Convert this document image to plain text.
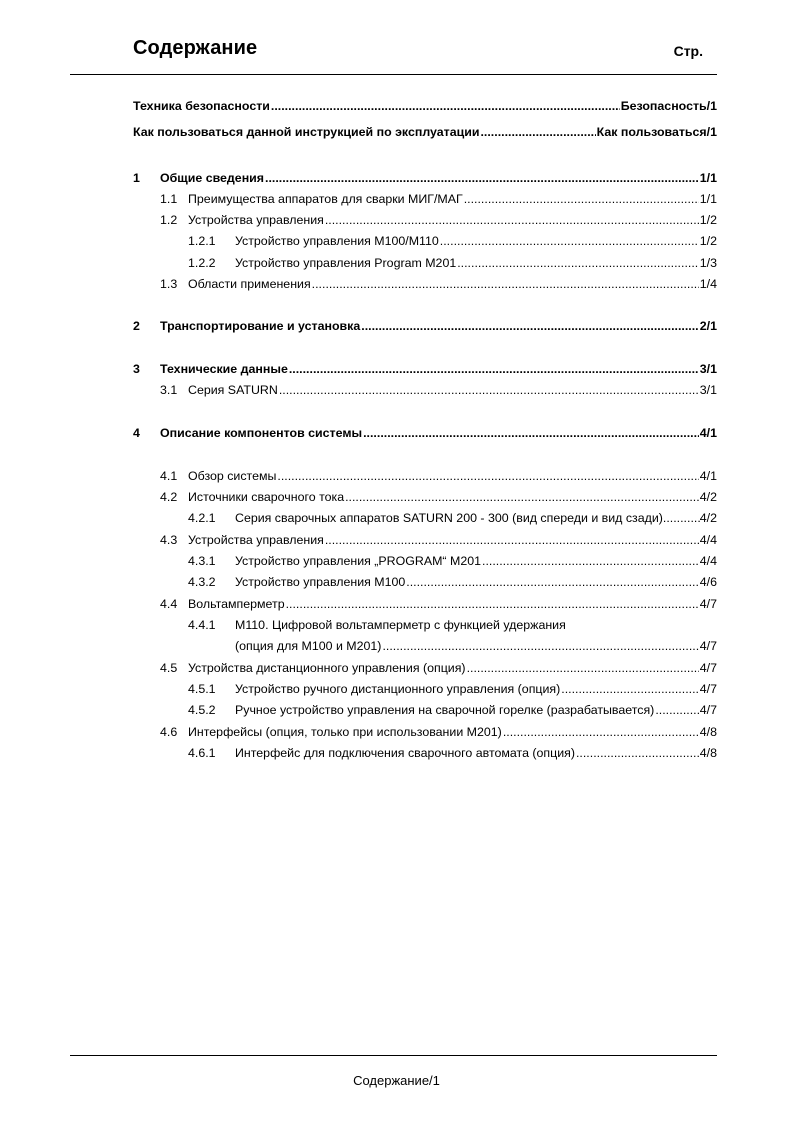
Содержание	Стр.
Техника безопасности .....	Безопасность/1
Как пользоваться данной инструкцией по эксплуатации .....	Как пользоваться/1
1 Общие сведения .....	1/1
1.1 Преимущества аппаратов для сварки МИГ/МАГ .....	1/1
1.2 Устройства управления .....	1/2
1.2.1 Устройство управления М100/М110 .....	1/2
1.2.2 Устройство управления Program M201 .....	1/3
1.3 Области применения .....	1/4
2 Транспортирование и установка .....	2/1
3 Технические данные .....	3/1
3.1 Серия SATURN .....	3/1
4 Описание компонентов системы .....	4/1
4.1 Обзор системы .....	4/1
4.2 Источники сварочного тока .....	4/2
4.2.1 Серия сварочных аппаратов SATURN 200 - 300 (вид спереди и вид сзади) .....	4/2
4.3 Устройства управления .....	4/4
4.3.1 Устройство управления „PROGRAM“ M201 .....	4/4
4.3.2 Устройство управления М100 .....	4/6
4.4 Вольтамперметр .....	4/7
4.4.1 M110. Цифровой вольтамперметр с функцией удержания
(опция для M100 и M201) .....	4/7
4.5 Устройства дистанционного управления (опция) .....	4/7
4.5.1 Устройство ручного дистанционного управления (опция) .....	4/7
4.5.2 Ручное устройство управления на сварочной горелке (разрабатывается) .....	4/7
4.6 Интерфейсы (опция, только при использовании M201) .....	4/8
4.6.1 Интерфейс для подключения сварочного автомата (опция) .....	4/8
Содержание/1
